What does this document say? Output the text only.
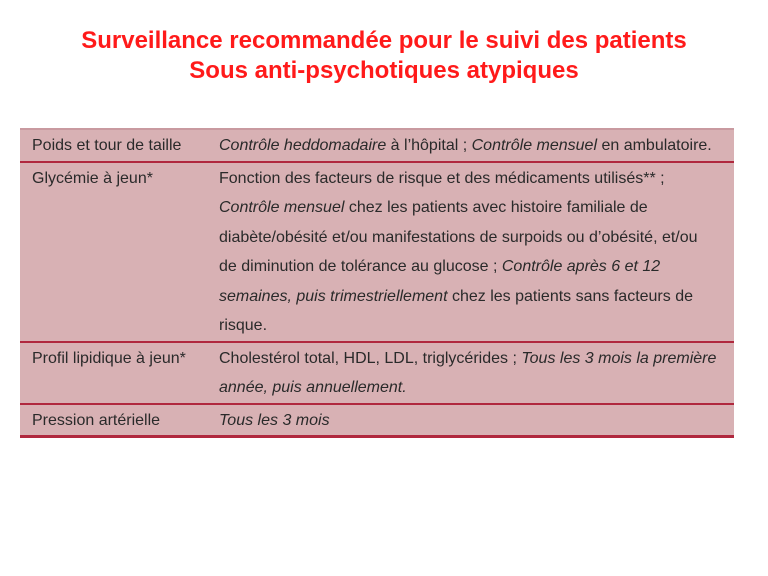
Surveillance recommandée pour le suivi des patients
Sous anti-psychotiques atypiques
Poids et tour de taille	Contrôle heddomadaire à l’hôpital ; Contrôle mensuel en ambulatoire.
Glycémie à jeun*	Fonction des facteurs de risque et des médicaments utilisés** ; Contrôle mensuel chez les patients avec histoire familiale de diabète/obésité et/ou manifestations de surpoids ou d’obésité, et/ou de diminution de tolérance au glucose ; Contrôle après 6 et 12 semaines, puis trimestriellement chez les patients sans facteurs de risque.
Profil lipidique à jeun*	Cholestérol total, HDL, LDL, triglycérides ; Tous les 3 mois la première année, puis annuellement.
Pression artérielle	Tous les 3 mois
